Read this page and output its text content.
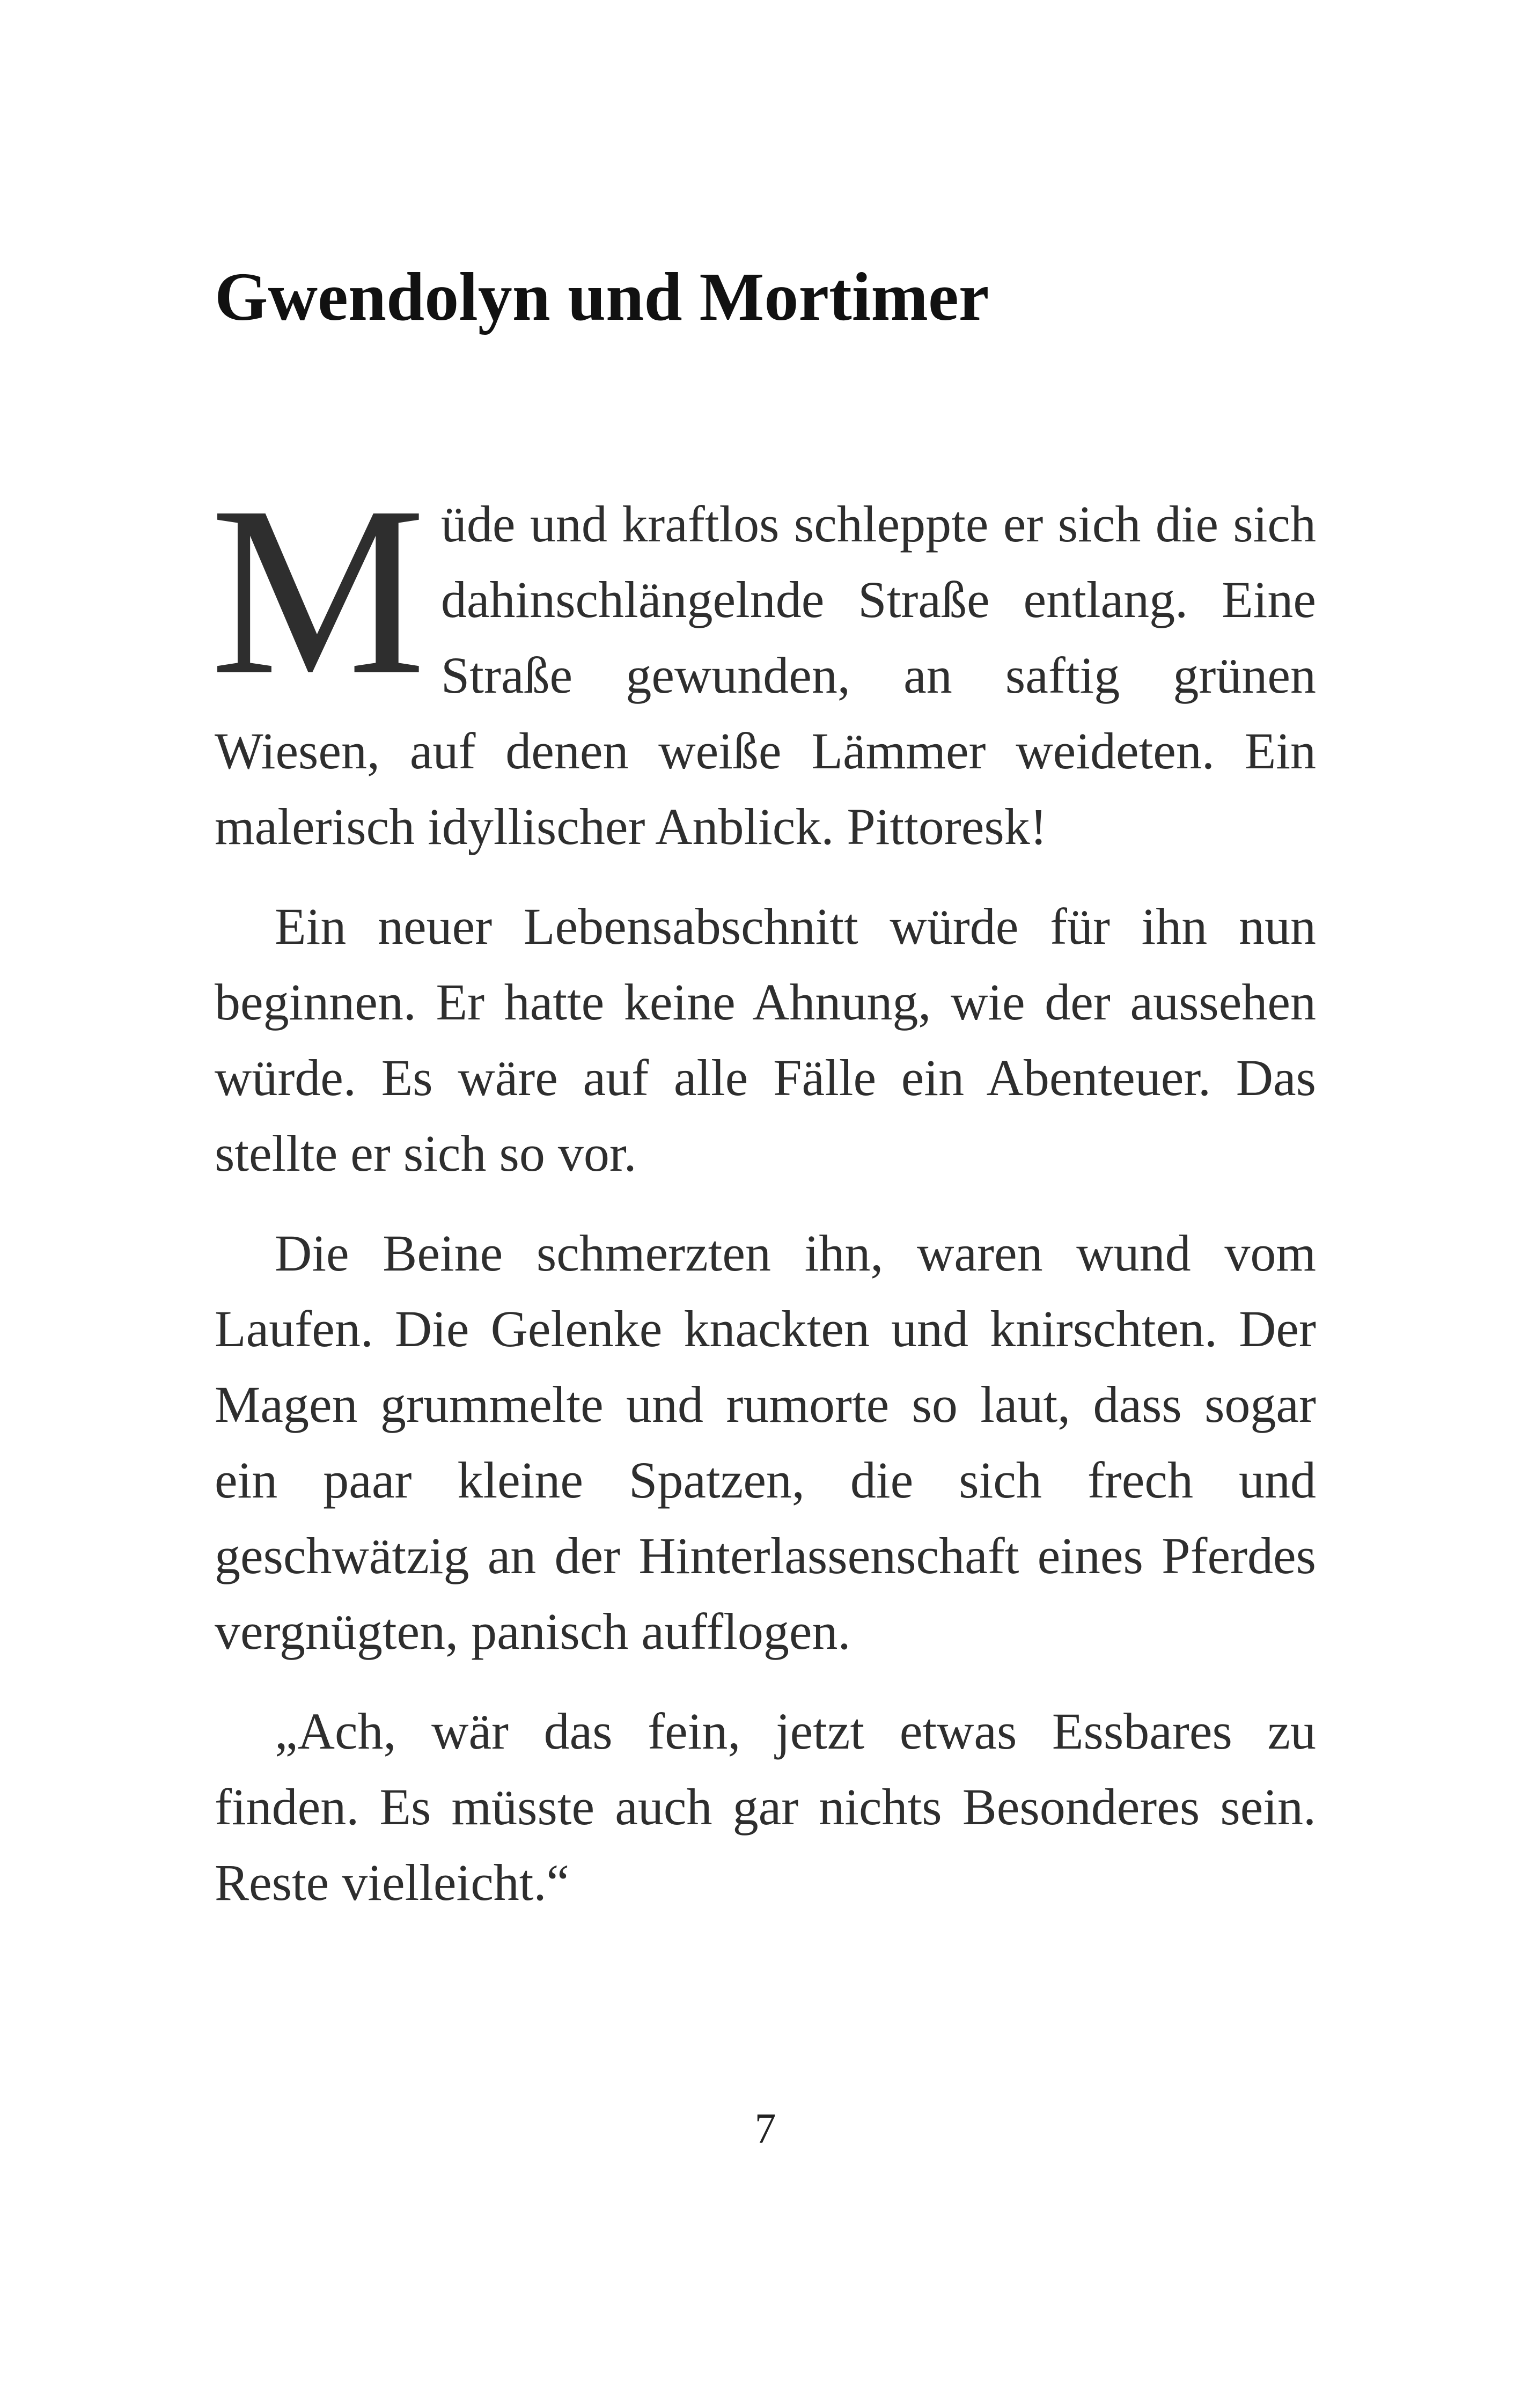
Gwendolyn und Mortimer

Müde und kraftlos schleppte er sich die sich dahinschlängelnde Straße entlang. Eine Straße gewunden, an saftig grünen Wiesen, auf denen weiße Lämmer weideten. Ein malerisch idyllischer Anblick. Pittoresk!

Ein neuer Lebensabschnitt würde für ihn nun beginnen. Er hatte keine Ahnung, wie der aussehen würde. Es wäre auf alle Fälle ein Abenteuer. Das stellte er sich so vor.

Die Beine schmerzten ihn, waren wund vom Laufen. Die Gelenke knackten und knirschten. Der Magen grummelte und rumorte so laut, dass sogar ein paar kleine Spatzen, die sich frech und geschwätzig an der Hinterlassenschaft eines Pferdes vergnügten, panisch aufflogen.

„Ach, wär das fein, jetzt etwas Essbares zu finden. Es müsste auch gar nichts Besonderes sein. Reste vielleicht.“

7
